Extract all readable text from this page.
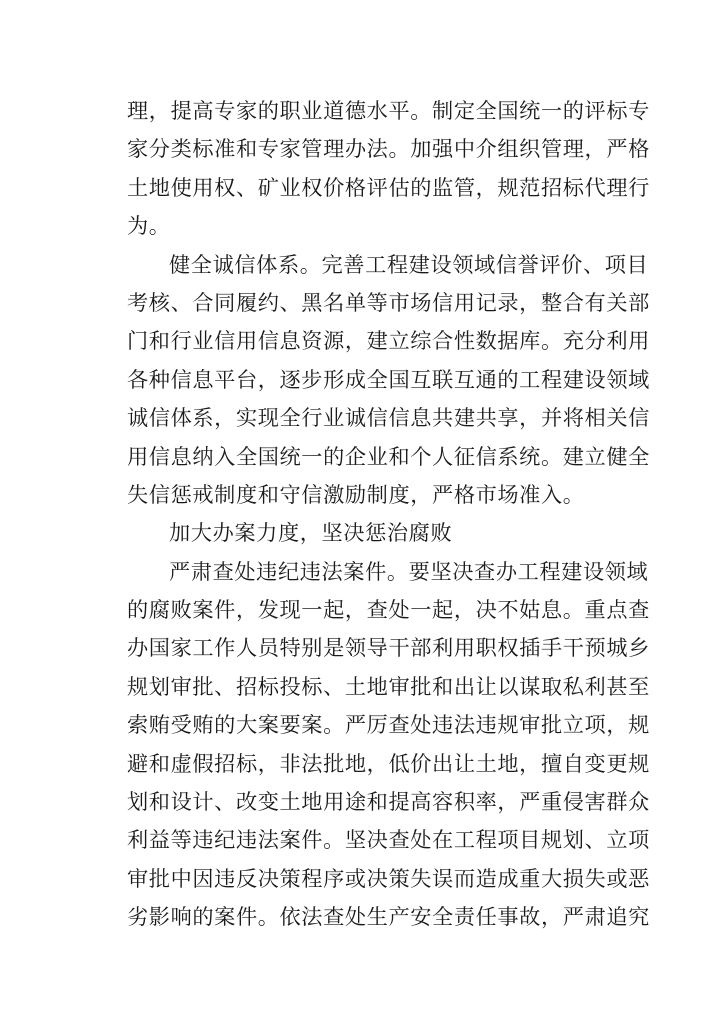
理，提高专家的职业道德水平。制定全国统一的评标专
家分类标准和专家管理办法。加强中介组织管理，严格
土地使用权、矿业权价格评估的监管，规范招标代理行
为。
健全诚信体系。完善工程建设领域信誉评价、项目
考核、合同履约、黑名单等市场信用记录，整合有关部
门和行业信用信息资源，建立综合性数据库。充分利用
各种信息平台，逐步形成全国互联互通的工程建设领域
诚信体系，实现全行业诚信信息共建共享，并将相关信
用信息纳入全国统一的企业和个人征信系统。建立健全
失信惩戒制度和守信激励制度，严格市场准入。
加大办案力度，坚决惩治腐败
严肃查处违纪违法案件。要坚决查办工程建设领域
的腐败案件，发现一起，查处一起，决不姑息。重点查
办国家工作人员特别是领导干部利用职权插手干预城乡
规划审批、招标投标、土地审批和出让以谋取私利甚至
索贿受贿的大案要案。严厉查处违法违规审批立项，规
避和虚假招标，非法批地，低价出让土地，擅自变更规
划和设计、改变土地用途和提高容积率，严重侵害群众
利益等违纪违法案件。坚决查处在工程项目规划、立项
审批中因违反决策程序或决策失误而造成重大损失或恶
劣影响的案件。依法查处生产安全责任事故，严肃追究
